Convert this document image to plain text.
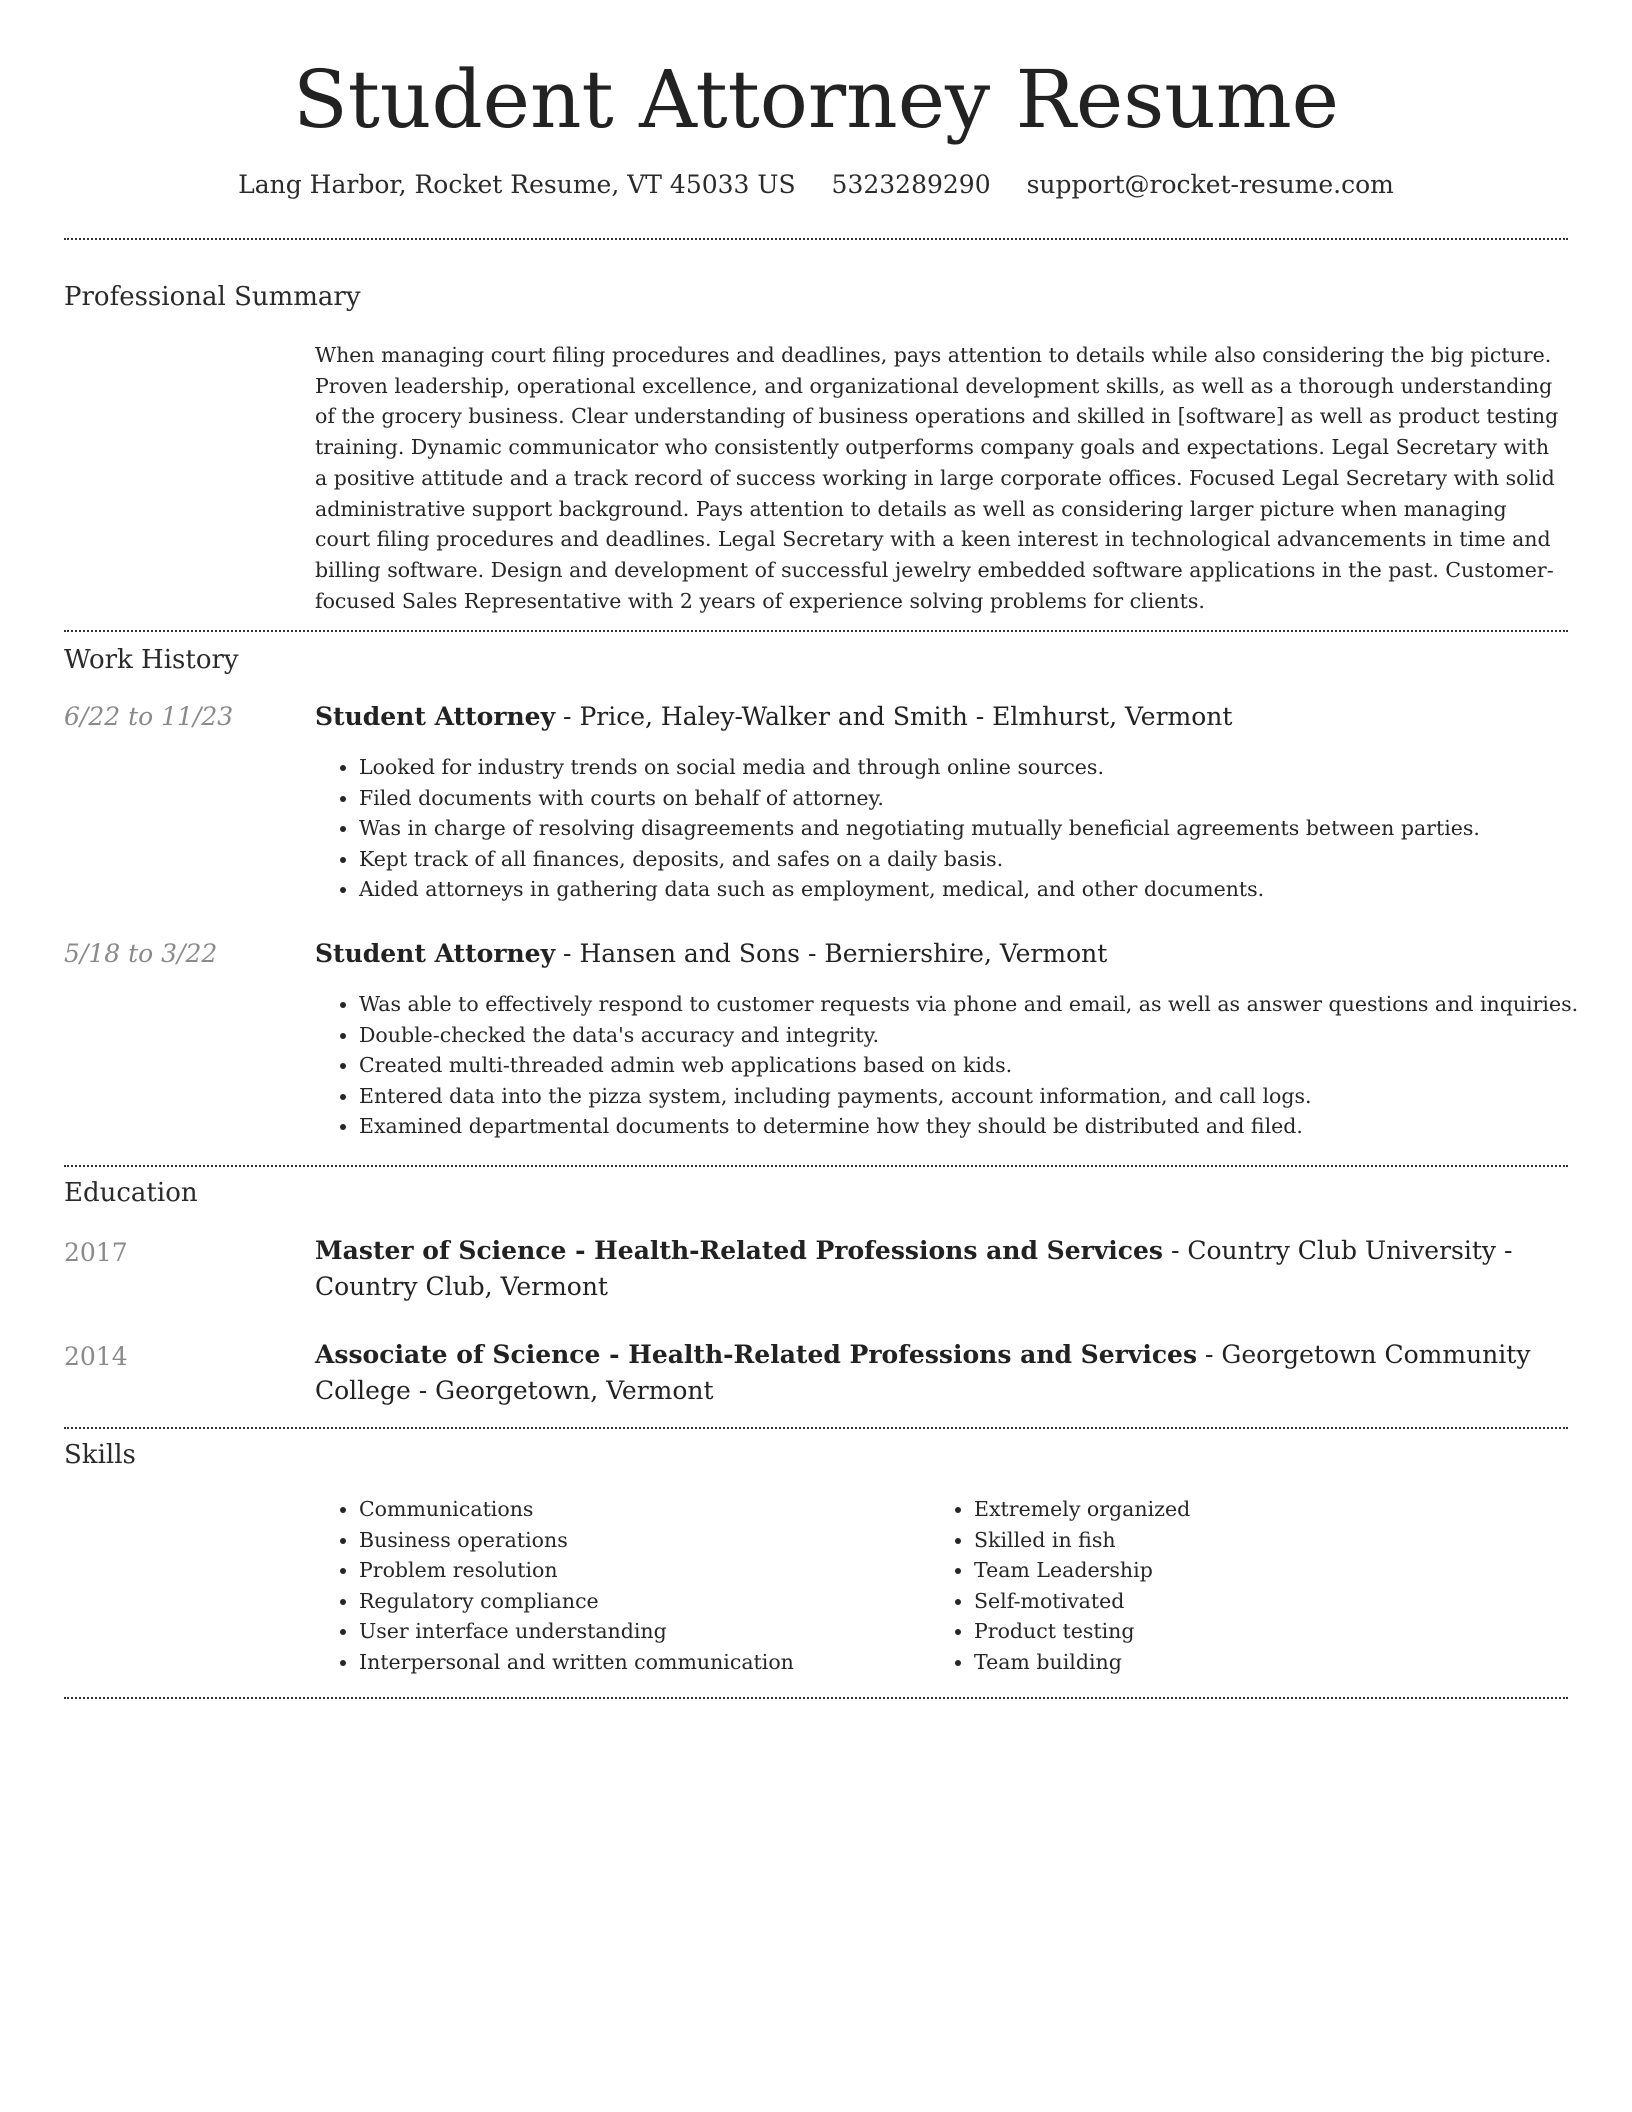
Student Attorney Resume
Lang Harbor, Rocket Resume, VT 45033 US 5323289290 support@rocket-resume.com
Professional Summary

When managing court filing procedures and deadlines, pays attention to details while also considering the big picture. Proven leadership, operational excellence, and organizational development skills, as well as a thorough understanding of the grocery business. Clear understanding of business operations and skilled in [software] as well as product testing training. Dynamic communicator who consistently outperforms company goals and expectations. Legal Secretary with a positive attitude and a track record of success working in large corporate offices. Focused Legal Secretary with solid administrative support background. Pays attention to details as well as considering larger picture when managing court filing procedures and deadlines. Legal Secretary with a keen interest in technological advancements in time and billing software. Design and development of successful jewelry embedded software applications in the past. Customer-focused Sales Representative with 2 years of experience solving problems for clients.

Work History
6/22 to 11/23	Student Attorney - Price, Haley-Walker and Smith - Elmhurst, Vermont
• Looked for industry trends on social media and through online sources.
• Filed documents with courts on behalf of attorney.
• Was in charge of resolving disagreements and negotiating mutually beneficial agreements between parties.
• Kept track of all finances, deposits, and safes on a daily basis.
• Aided attorneys in gathering data such as employment, medical, and other documents.
5/18 to 3/22	Student Attorney - Hansen and Sons - Berniershire, Vermont
• Was able to effectively respond to customer requests via phone and email, as well as answer questions and inquiries.
• Double-checked the data's accuracy and integrity.
• Created multi-threaded admin web applications based on kids.
• Entered data into the pizza system, including payments, account information, and call logs.
• Examined departmental documents to determine how they should be distributed and filed.
Education
2017	Master of Science - Health-Related Professions and Services - Country Club University - Country Club, Vermont
2014	Associate of Science - Health-Related Professions and Services - Georgetown Community College - Georgetown, Vermont
Skills
• Communications
• Business operations
• Problem resolution
• Regulatory compliance
• User interface understanding
• Interpersonal and written communication
• Extremely organized
• Skilled in fish
• Team Leadership
• Self-motivated
• Product testing
• Team building
